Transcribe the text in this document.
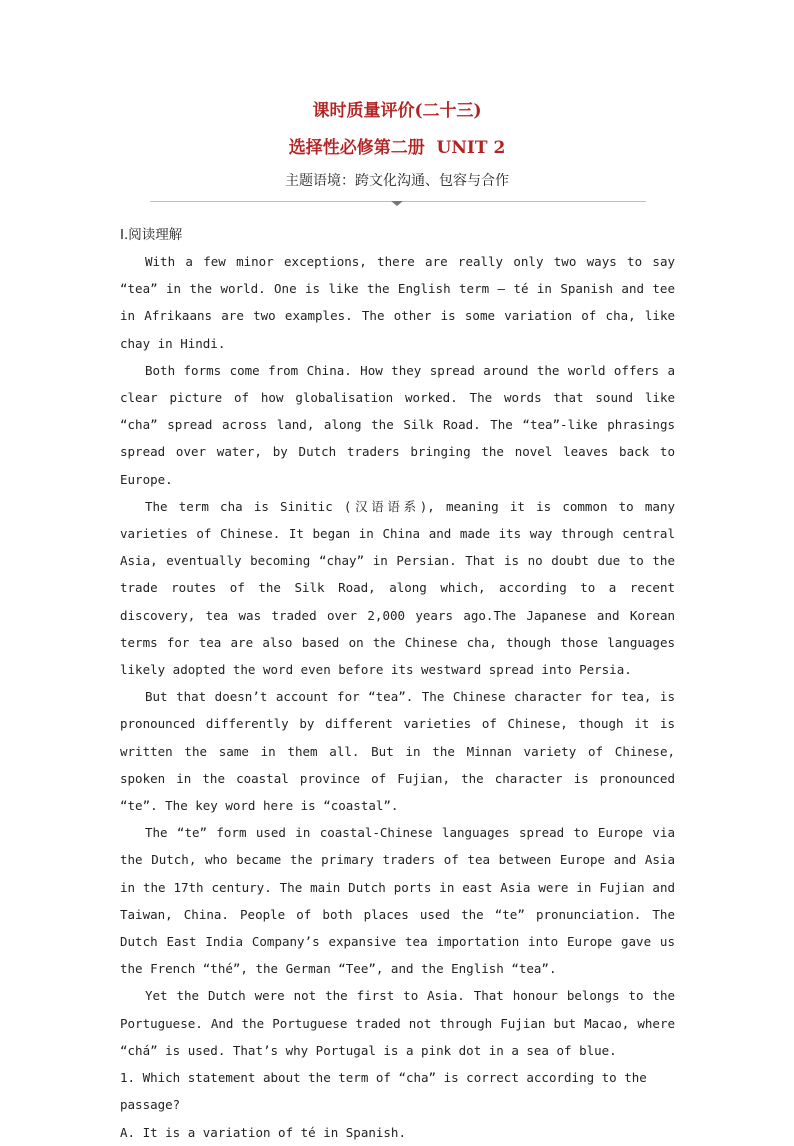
课时质量评价(二十三)
选择性必修第二册  UNIT 2
主题语境：跨文化沟通、包容与合作
Ⅰ.阅读理解

With a few minor exceptions, there are really only two ways to say “tea” in the world. One is like the English term — té in Spanish and tee in Afrikaans are two examples. The other is some variation of cha, like chay in Hindi.

Both forms come from China. How they spread around the world offers a clear picture of how globalisation worked. The words that sound like “cha” spread across land, along the Silk Road. The “tea”-like phrasings spread over water, by Dutch traders bringing the novel leaves back to Europe.

The term cha is Sinitic (汉语语系), meaning it is common to many varieties of Chinese. It began in China and made its way through central Asia, eventually becoming “chay” in Persian. That is no doubt due to the trade routes of the Silk Road, along which, according to a recent discovery, tea was traded over 2,000 years ago.The Japanese and Korean terms for tea are also based on the Chinese cha, though those languages likely adopted the word even before its westward spread into Persia.

But that doesn’t account for “tea”. The Chinese character for tea, is pronounced differently by different varieties of Chinese, though it is written the same in them all. But in the Minnan variety of Chinese, spoken in the coastal province of Fujian, the character is pronounced “te”. The key word here is “coastal”.

The “te” form used in coastal-Chinese languages spread to Europe via the Dutch, who became the primary traders of tea between Europe and Asia in the 17th century. The main Dutch ports in east Asia were in Fujian and Taiwan, China. People of both places used the “te” pronunciation. The Dutch East India Company’s expansive tea importation into Europe gave us the French “thé”, the German “Tee”, and the English “tea”.

Yet the Dutch were not the first to Asia. That honour belongs to the Portuguese. And the Portuguese traded not through Fujian but Macao, where “chá” is used. That’s why Portugal is a pink dot in a sea of blue.

1. Which statement about the term of “cha” is correct according to the passage?

A. It is a variation of té in Spanish.
